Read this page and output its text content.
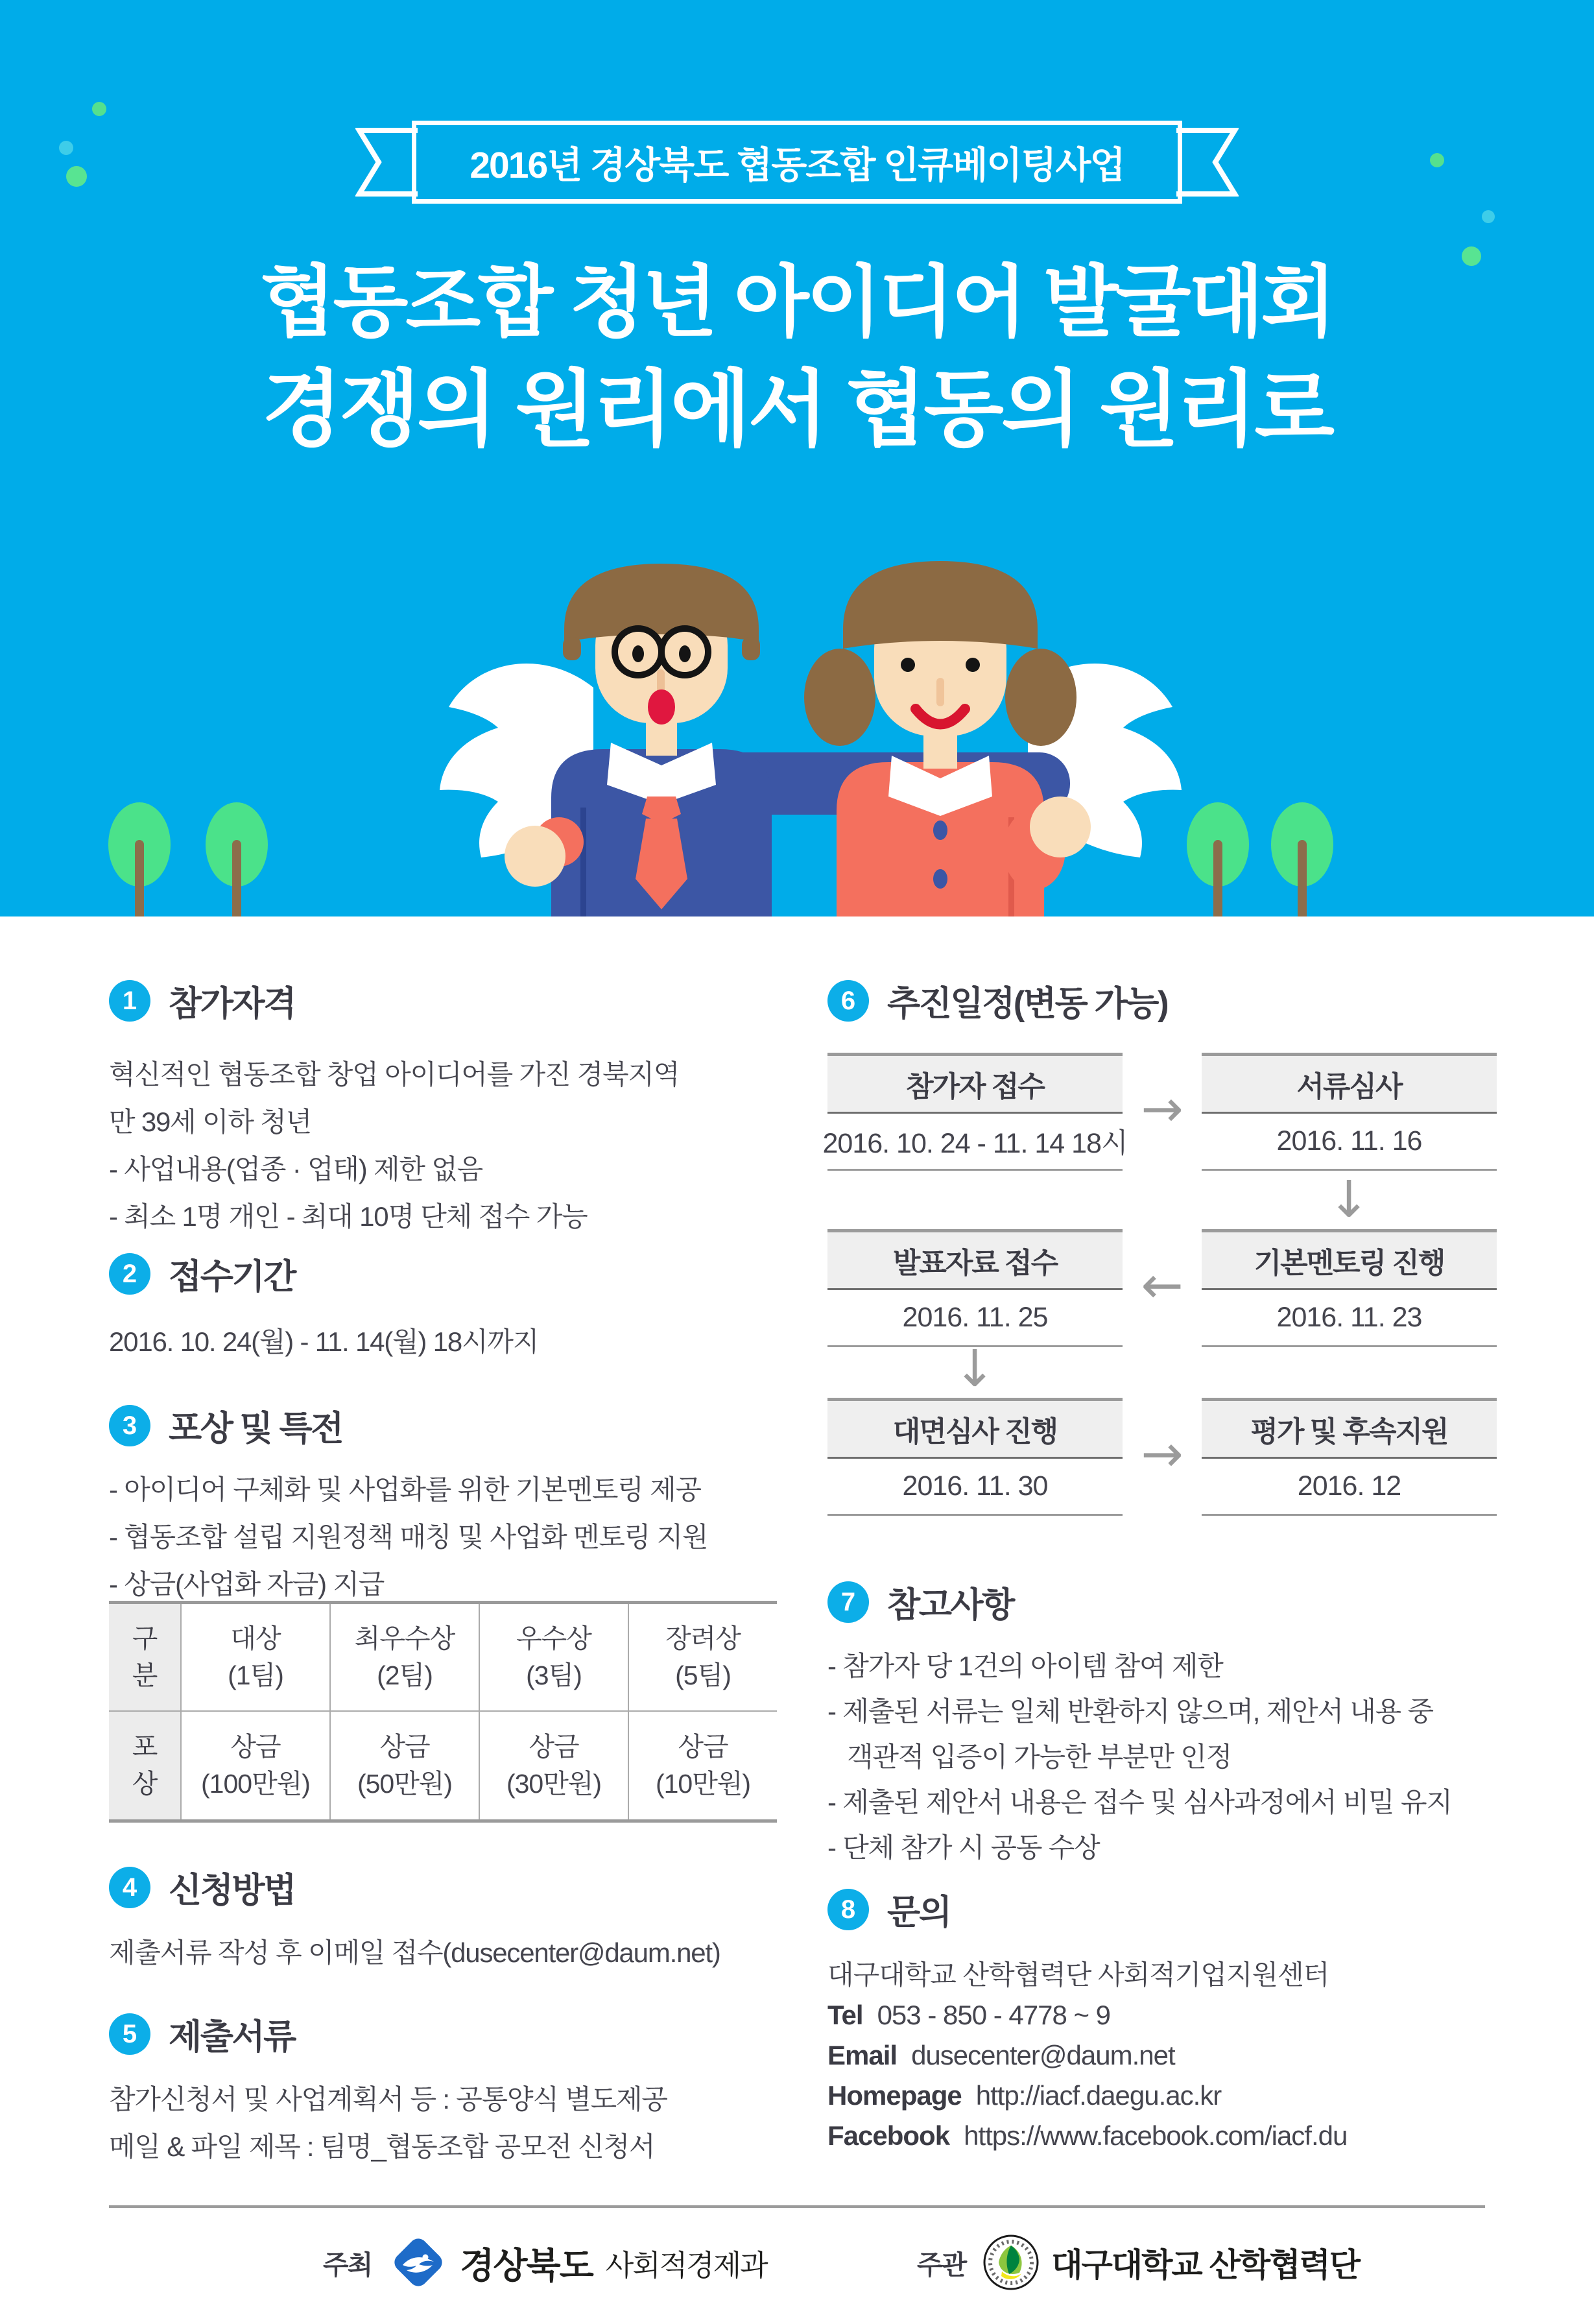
2016년 경상북도 협동조합 인큐베이팅사업
협동조합 청년 아이디어 발굴대회
경쟁의 원리에서 협동의 원리로
1 참가자격

혁신적인 협동조합 창업 아이디어를 가진 경북지역

만 39세 이하 청년

- 사업내용(업종 · 업태) 제한 없음

- 최소 1명 개인 - 최대 10명 단체 접수 가능

2 접수기간

2016. 10. 24(월) - 11. 14(월) 18시까지

3 포상 및 특전

- 아이디어 구체화 및 사업화를 위한 기본멘토링 제공

- 협동조합 설립 지원정책 매칭 및 사업화 멘토링 지원

- 상금(사업화 자금) 지급

구분
대상
(1팀)
최우수상
(2팀)
우수상
(3팀)
장려상
(5팀)
포상
상금
(100만원)
상금
(50만원)
상금
(30만원)
상금
(10만원)
4 신청방법

제출서류 작성 후 이메일 접수(dusecenter@daum.net)

5 제출서류

참가신청서 및 사업계획서 등 : 공통양식 별도제공

메일 & 파일 제목 : 팀명_협동조합 공모전 신청서

6 추진일정(변동 가능)
참가자 접수
2016. 10. 24 - 11. 14 18시
서류심사
2016. 11. 16
발표자료 접수
2016. 11. 25
기본멘토링 진행
2016. 11. 23
대면심사 진행
2016. 11. 30
평가 및 후속지원
2016. 12
→
↓
←
↓
→
7 참고사항

- 참가자 당 1건의 아이템 참여 제한

- 제출된 서류는 일체 반환하지 않으며, 제안서 내용 중

객관적 입증이 가능한 부분만 인정

- 제출된 제안서 내용은 접수 및 심사과정에서 비밀 유지

- 단체 참가 시 공동 수상

8 문의

대구대학교 산학협력단 사회적기업지원센터

Tel 053 - 850 - 4778 ~ 9

Email dusecenter@daum.net

Homepage http://iacf.daegu.ac.kr

Facebook https://www.facebook.com/iacf.du

주최 경상북도 사회적경제과	주관	대구대학교 산학협력단
